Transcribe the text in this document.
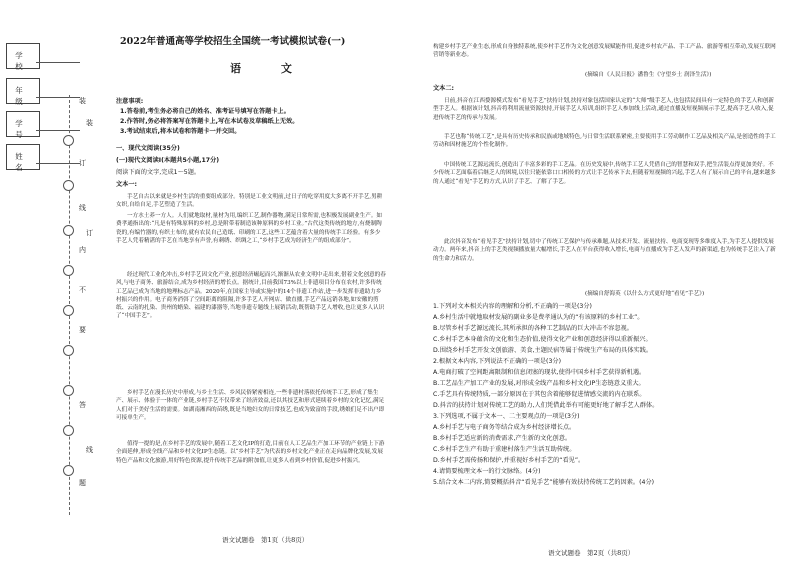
学校
年级
学号
姓名
装
订
线
内
不
要
答
题
装
订
线
2022年普通高等学校招生全国统一考试模拟试卷(一)
语 文
注意事项:
1.答卷前,考生务必将自己的姓名、准考证号填写在答题卡上。
2.作答时,务必将答案写在答题卡上,写在本试卷及草稿纸上无效。
3.考试结束后,将本试卷和答题卡一并交回。
一、现代文阅读(35分)
(一)现代文阅读Ⅰ(本题共5小题,17分)
阅读下面的文字,完成1～5题。
文本一:
手艺自古以来就是乡村生活的重要组成部分。特别是工业文明前,过日子的吃穿用度大多离不开手艺,男耕女织,自给自足,手艺塑造了生活。
一方水土养一方人。人们就地取材,量材为用,编织工艺,制作器物,满足日常所需,也积极发展副业生产。如费孝通指出的:“凡是有特殊原料的乡村,总是附带着制造该种原料的乡村工业。”古代这类传统的地方,有烧制陶瓷的,有编竹器的,有织土布的,就有农民自己造纸、印刷的工艺,这些工艺蕴含着大量的传统手工经验。有多少手艺人凭着精湛的手艺在当地享有声誉,有刺绣、织绸之工,“乡村手艺成为经济生产的组成部分”。
经过现代工业化冲击,乡村手艺因文化产业,创意经济崛起而兴,渐渐从农业文明中走出来,借着文化创意的春风,与电子商务、旅游结合,成为乡村经济的增长点。据统计,目前我国73%以上非遗项目分布在农村,许多传统工艺品已成为当地的地理标志产品。2020年,在国家主导或实施中的14个非遗工作站,进一步发挥非遗助力乡村振兴的作用。电子商务消弭了空间距离的阻隔,许多手艺人开网店、做直播,手艺产品远销各地,如安徽的剪纸、云南的扎染、贵州的蜡染、福建的漆器等,当地非遗专题线上展销活动,既帮助手艺人增收,也让更多人认识了“中国手艺”。
乡村手艺在漫长历史中形成,与乡土生活、乡风民俗紧密相连,一些非遗村落依托传统手工艺,形成了集生产、展示、体验于一体的产业链,乡村手艺不仅带来了经济效益,还以其技艺和形式延续着乡村的文化记忆,满足人们对于美好生活的需要。如湖南湘西的苗绣,既是当地妇女的日常技艺,也成为致富的手段,绣娘们足不出户即可接单生产。
值得一提的是,在乡村手艺的发展中,随着工艺文化IP的打造,目前在人工艺品生产加工环节的产业链上下游全面延伸,形成全线产品和乡村文化IP生态链。以“乡村手艺”为代表的乡村文化产业正在走向品牌化发展,发展特色产品和文化旅游,用好特色资源,提升传统手艺品的附加值,让更多人看到乡村价值,促进乡村振兴。
语文试题卷　第1页（共8页）
构建乡村手艺产业生态,形成自身独特系统,使乡村手艺作为文化创意发展赋能作用,促进乡村农产品、手工产品、旅游等相互带动,发展互联网营销等新业态。
(摘编自《人民日报》潘鲁生《守望乡土 润泽生活》)
文本二:
日前,抖音在江西婺源模式发布“看见手艺”扶持计划,扶持对象包括国家认定的“大师”级手艺人,也包括民间具有一定特色的手艺人和创新型手艺人。根据该计划,抖音将利用流量资源扶持,开展手艺人培训,组织手艺人参加线上活动,通过直播及短视频展示手艺,提高手艺人收入,促进传统手艺的传承与发展。
手艺也称“传统工艺”,是具有历史传承和民族或地域特色,与日常生活联系紧密,主要使用手工劳动制作工艺品及相关产品,是创造性的手工劳动和因材施艺的个性化制作。
中国传统工艺源远流长,创造出了丰富多彩的手工艺品。在历史发展中,传统手工艺人凭借自己的智慧和双手,把生活装点得更加美好。不少传统工艺面临着后继乏人的困境,以往只能依靠口口相传的方式让手艺传承下去,但随着短视频的兴起,手艺人有了展示自己的平台,越来越多的人通过“看见”手艺的方式,认识了手艺、了解了手艺。
此次抖音发布“看见手艺”扶持计划,切中了传统工艺保护与传承难题,从技术开发、流量扶持、电商变现等多维度入手,为手艺人提供发展动力。两年来,抖音上的手艺类视频播放量大幅增长,手艺人在平台获得收入增长,电商与直播成为手艺人发声的新渠道,也为传统手艺注入了新的生命力和活力。
(摘编自舒海英《以什么方式更好地“看见”手艺》)
1.下列对文本相关内容的理解和分析,不正确的一项是(3分)
A.乡村生活中就地取材发展的副业多是费孝通认为的“有该原料的乡村工业”。
B.尽管乡村手艺源远流长,其所承担的各种工艺制品的巨大冲击不容忽视。
C.乡村手艺本身蕴含的文化和生态价值,使得文化产业和创意经济得以重新振兴。
D.围绕乡村手艺开发文创旅游、美食,主题民宿等属于传统生产布局的具体实践。
2.根据文本内容,下列说法不正确的一项是(3分)
A.电商打破了空间距离限制和信息闭塞的现状,使得中国乡村手艺获得新机遇。
B.工艺品生产加工产业的发展,对形成全线产品和乡村文化IP生态链意义重大。
C.手艺具有传统特质,一部分原因在于其包含着能够促进情感交流的内在联系。
D.抖音的扶持计划对传统工艺的助力,人们凭借此举有可能更好地了解手艺人群体。
3.下列选项,不属于文本一、二主要观点的一项是(3分)
A.乡村手艺与电子商务等结合成为乡村经济增长点。
B.乡村手艺适应新的消费需求,产生新的文化创意。
C.乡村手艺生产有助于重建村落生产生活互助传统。
D.乡村手艺需传扬和保护,并重视好乡村手艺的“看见”。
4.请简要梳理文本一的行文脉络。(4分)
5.结合文本二内容,简要概括抖音“看见手艺”能够有效扶持传统工艺的因素。(4分)
语文试题卷　第2页（共8页）
